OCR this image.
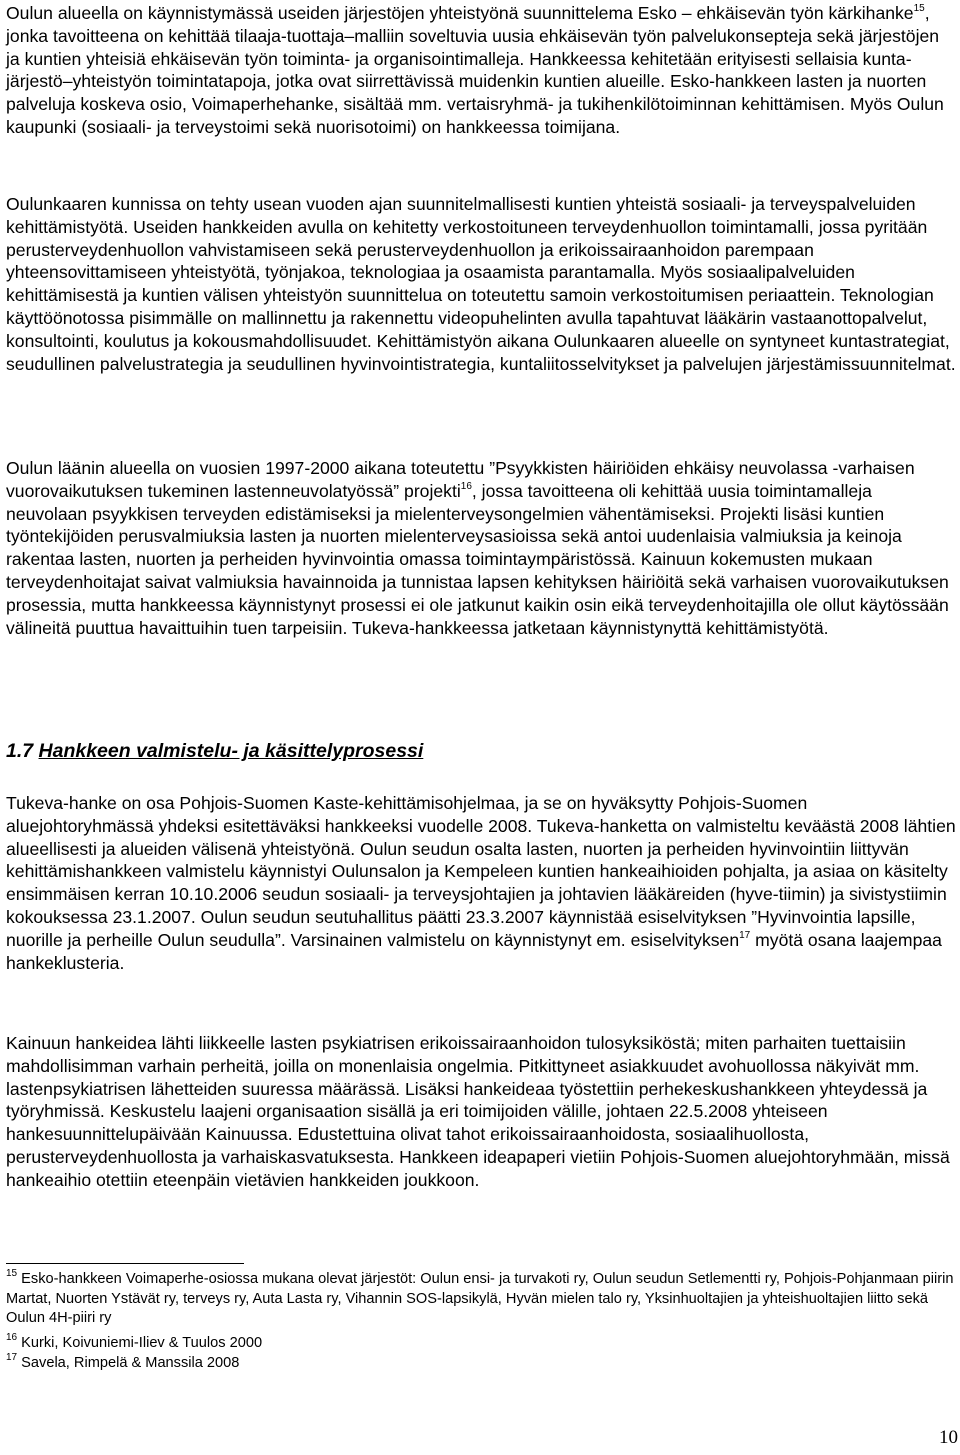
Oulun alueella on käynnistymässä useiden järjestöjen yhteistyönä suunnittelema Esko – ehkäisevän työn kärkihanke$^{15}$, jonka tavoitteena on kehittää tilaaja-tuottaja–malliin soveltuvia uusia ehkäisevän työn palvelukonsepteja sekä järjestöjen ja kuntien yhteisiä ehkäisevän työn toiminta- ja organisointimalleja. Hankkeessa kehitetään erityisesti sellaisia kunta-järjestö–yhteistyön toimintatapoja, jotka ovat siirrettävissä muidenkin kuntien alueille. Esko-hankkeen lasten ja nuorten palveluja koskeva osio, Voimaperhehanke, sisältää mm. vertaisryhmä- ja tukihenkilötoiminnan kehittämisen. Myös Oulun kaupunki (sosiaali- ja terveystoimi sekä nuorisotoimi) on hankkeessa toimijana.

Oulunkaaren kunnissa on tehty usean vuoden ajan suunnitelmallisesti kuntien yhteistä sosiaali- ja terveyspalveluiden kehittämistyötä. Useiden hankkeiden avulla on kehitetty verkostoituneen terveydenhuollon toimintamalli, jossa pyritään perusterveydenhuollon vahvistamiseen sekä perusterveydenhuollon ja erikoissairaanhoidon parempaan yhteensovittamiseen yhteistyötä, työnjakoa, teknologiaa ja osaamista parantamalla. Myös sosiaalipalveluiden kehittämisestä ja kuntien välisen yhteistyön suunnittelua on toteutettu samoin verkostoitumisen periaattein. Teknologian käyttöönotossa pisimmälle on mallinnettu ja rakennettu videopuhelinten avulla tapahtuvat lääkärin vastaanottopalvelut, konsultointi, koulutus ja kokousmahdollisuudet. Kehittämistyön aikana Oulunkaaren alueelle on syntyneet kuntastrategiat, seudullinen palvelustrategia ja seudullinen hyvinvointistrategia, kuntaliitosselvitykset ja palvelujen järjestämissuunnitelmat.

Oulun läänin alueella on vuosien 1997-2000 aikana toteutettu ”Psyykkisten häiriöiden ehkäisy neuvolassa -varhaisen vuorovaikutuksen tukeminen lastenneuvolatyössä” projekti$^{16}$, jossa tavoitteena oli kehittää uusia toimintamalleja neuvolaan psyykkisen terveyden edistämiseksi ja mielenterveysongelmien vähentämiseksi. Projekti lisäsi kuntien työntekijöiden perusvalmiuksia lasten ja nuorten mielenterveysasioissa sekä antoi uudenlaisia valmiuksia ja keinoja rakentaa lasten, nuorten ja perheiden hyvinvointia omassa toimintaympäristössä. Kainuun kokemusten mukaan terveydenhoitajat saivat valmiuksia havainnoida ja tunnistaa lapsen kehityksen häiriöitä sekä varhaisen vuorovaikutuksen prosessia, mutta hankkeessa käynnistynyt prosessi ei ole jatkunut kaikin osin eikä terveydenhoitajilla ole ollut käytössään välineitä puuttua havaittuihin tuen tarpeisiin. Tukeva-hankkeessa jatketaan käynnistynyttä kehittämistyötä.

1.7 Hankkeen valmistelu- ja käsittelyprosessi

Tukeva-hanke on osa Pohjois-Suomen Kaste-kehittämisohjelmaa, ja se on hyväksytty Pohjois-Suomen aluejohtoryhmässä yhdeksi esitettäväksi hankkeeksi vuodelle 2008. Tukeva-hanketta on valmisteltu keväästä 2008 lähtien alueellisesti ja alueiden välisenä yhteistyönä. Oulun seudun osalta lasten, nuorten ja perheiden hyvinvointiin liittyvän kehittämishankkeen valmistelu käynnistyi Oulunsalon ja Kempeleen kuntien hankeaihioiden pohjalta, ja asiaa on käsitelty ensimmäisen kerran 10.10.2006 seudun sosiaali- ja terveysjohtajien ja johtavien lääkäreiden (hyve-tiimin) ja sivistystiimin kokouksessa 23.1.2007. Oulun seudun seutuhallitus päätti 23.3.2007 käynnistää esiselvityksen ”Hyvinvointia lapsille, nuorille ja perheille Oulun seudulla”. Varsinainen valmistelu on käynnistynyt em. esiselvityksen$^{17}$ myötä osana laajempaa hankeklusteria.

Kainuun hankeidea lähti liikkeelle lasten psykiatrisen erikoissairaanhoidon tulosyksiköstä; miten parhaiten tuettaisiin mahdollisimman varhain perheitä, joilla on monenlaisia ongelmia. Pitkittyneet asiakkuudet avohuollossa näkyivät mm. lastenpsykiatrisen lähetteiden suuressa määrässä. Lisäksi hankeideaa työstettiin perhekeskushankkeen yhteydessä ja työryhmissä. Keskustelu laajeni organisaation sisällä ja eri toimijoiden välille, johtaen 22.5.2008 yhteiseen hankesuunnittelupäivään Kainuussa. Edustettuina olivat tahot erikoissairaanhoidosta, sosiaalihuollosta, perusterveydenhuollosta ja varhaiskasvatuksesta. Hankkeen ideapaperi vietiin Pohjois-Suomen aluejohtoryhmään, missä hankeaihio otettiin eteenpäin vietävien hankkeiden joukkoon.

$^{15}$ Esko-hankkeen Voimaperhe-osiossa mukana olevat järjestöt: Oulun ensi- ja turvakoti ry, Oulun seudun Setlementti ry, Pohjois-Pohjanmaan piirin Martat, Nuorten Ystävät ry, terveys ry, Auta Lasta ry, Vihannin SOS-lapsikylä, Hyvän mielen talo ry, Yksinhuoltajien ja yhteishuoltajien liitto sekä Oulun 4H-piiri ry

$^{16}$ Kurki, Koivuniemi-Iliev & Tuulos 2000

$^{17}$ Savela, Rimpelä & Manssila 2008

10
